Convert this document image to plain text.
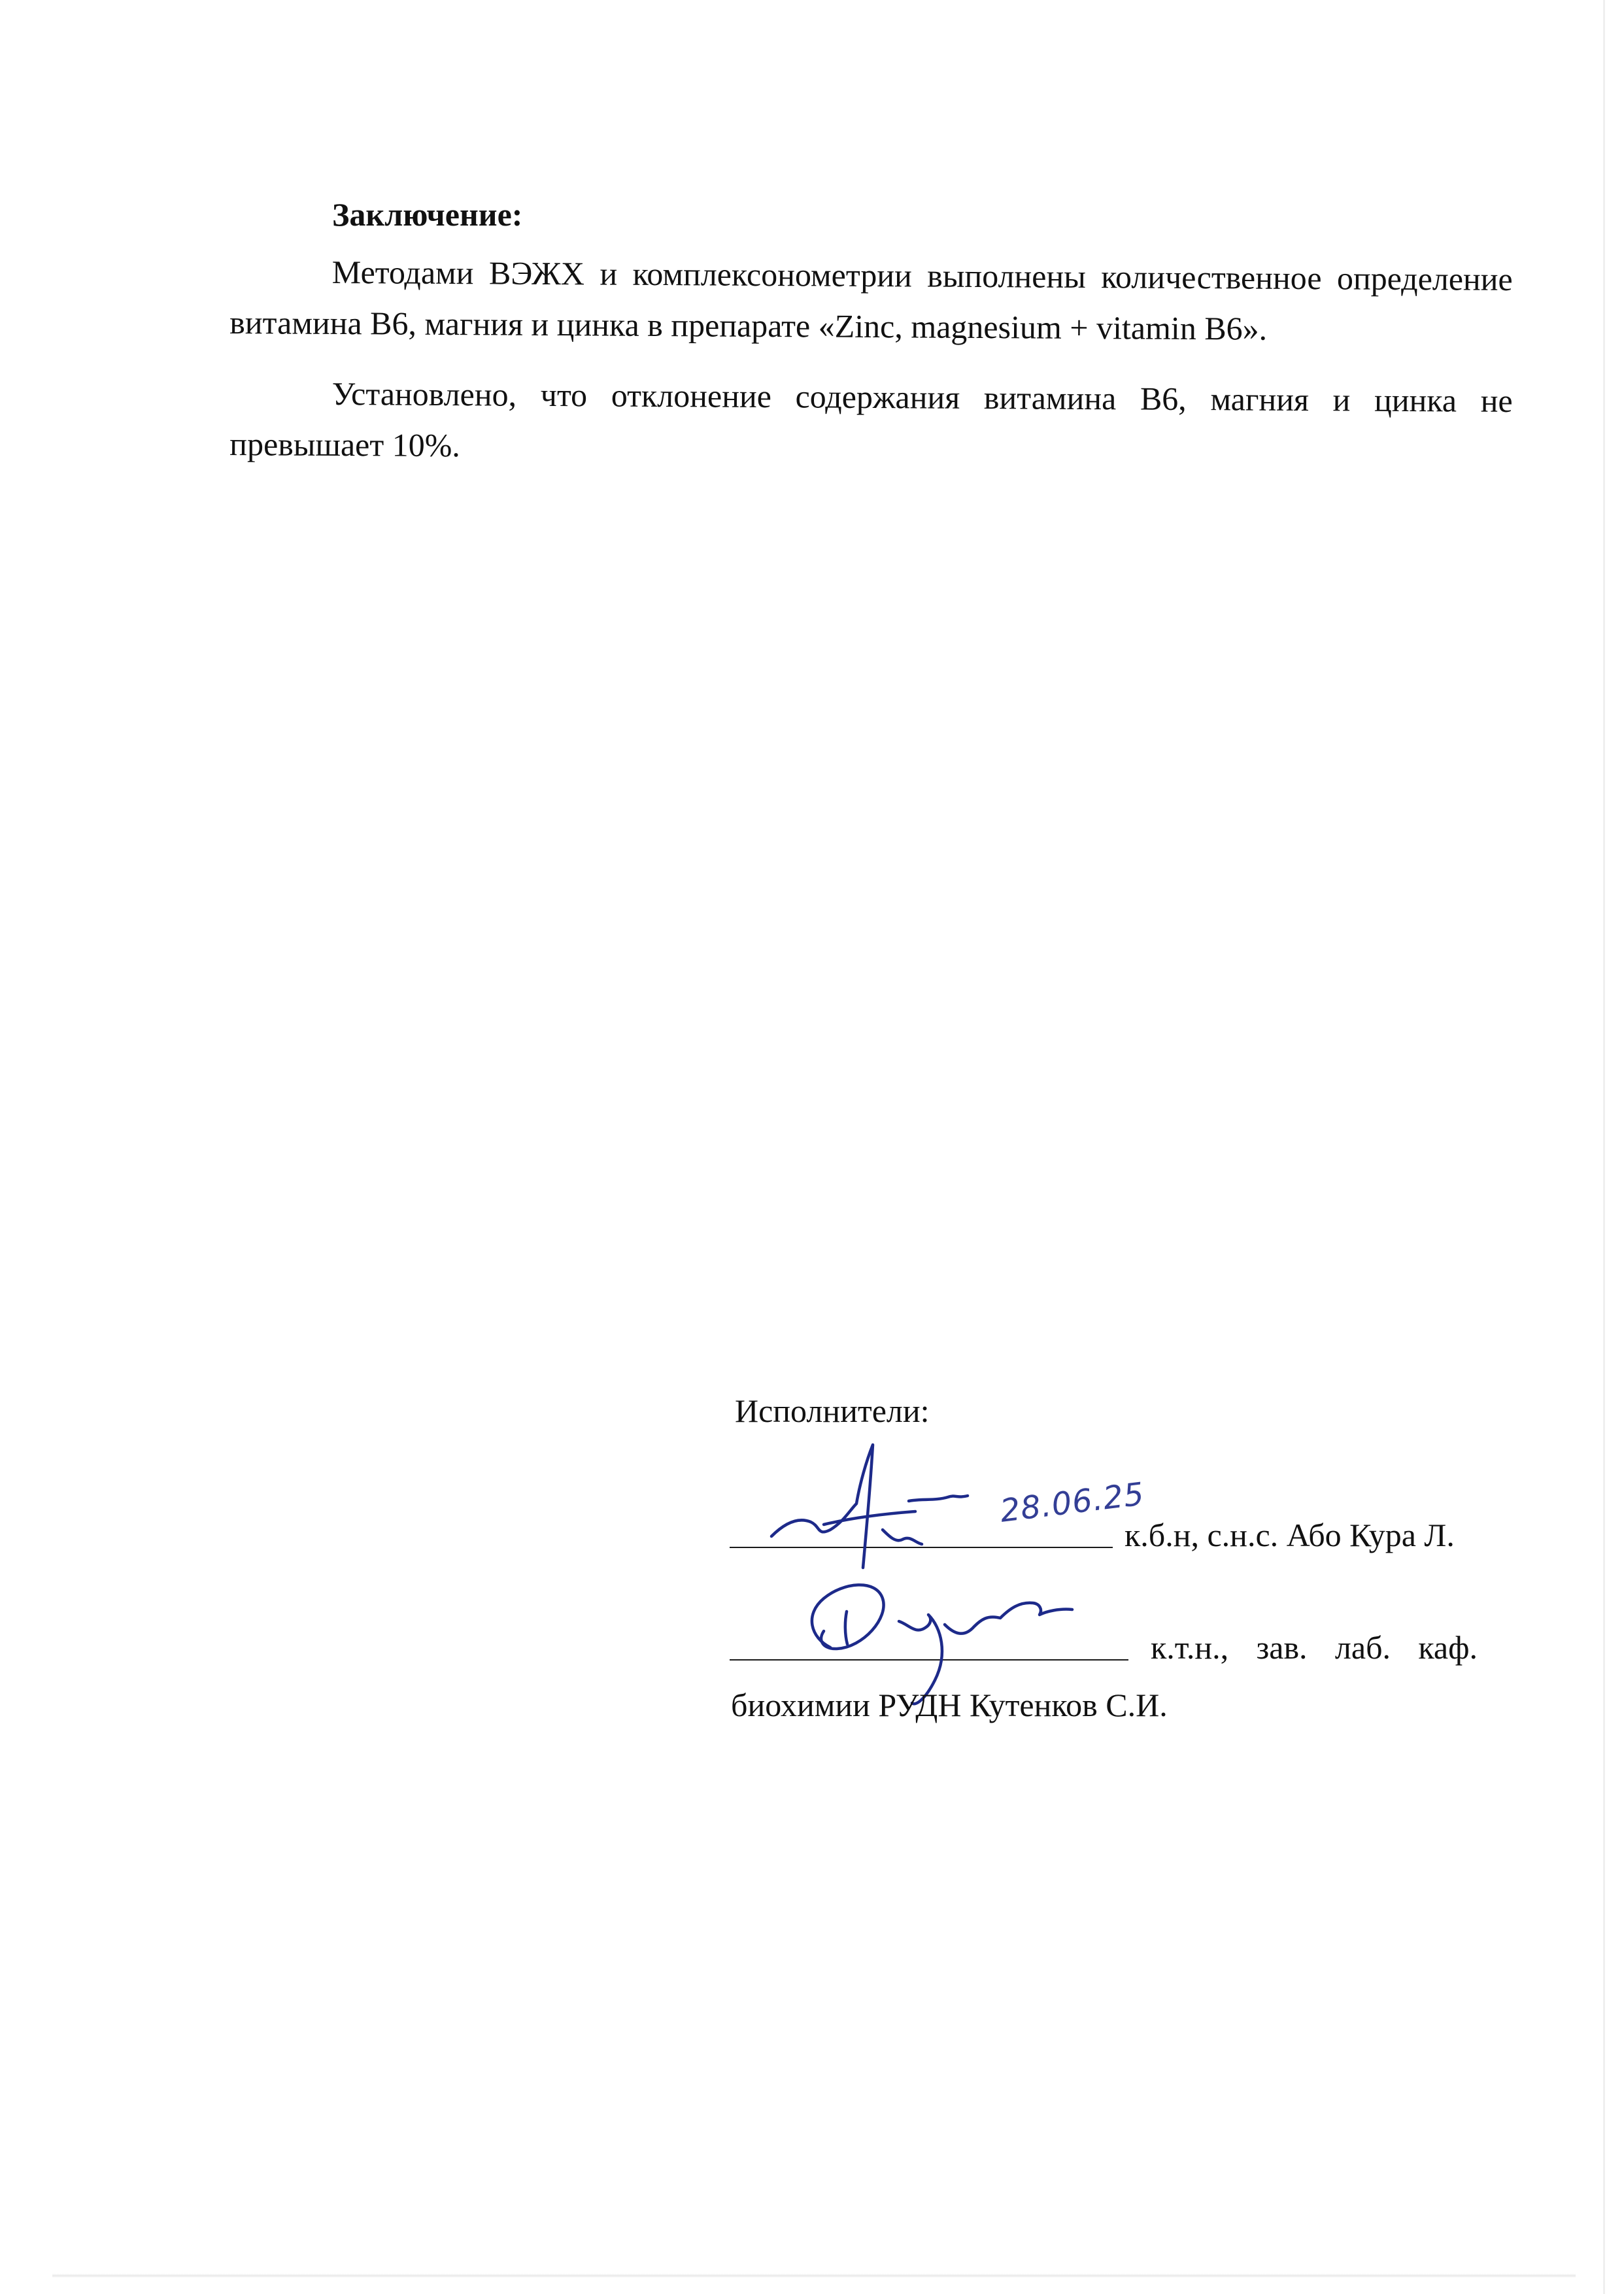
Заключение:

Методами ВЭЖХ и комплексонометрии выполнены количественное определение витамина В6, магния и цинка в препарате «Zinc, magnesium + vitamin B6».

Установлено, что отклонение содержания витамина В6, магния и цинка не превышает 10%.

Исполнители:
28.06.25
к.б.н, с.н.с. Або Кура Л.
к.т.н., зав. лаб. каф.
биохимии РУДН Кутенков С.И.
